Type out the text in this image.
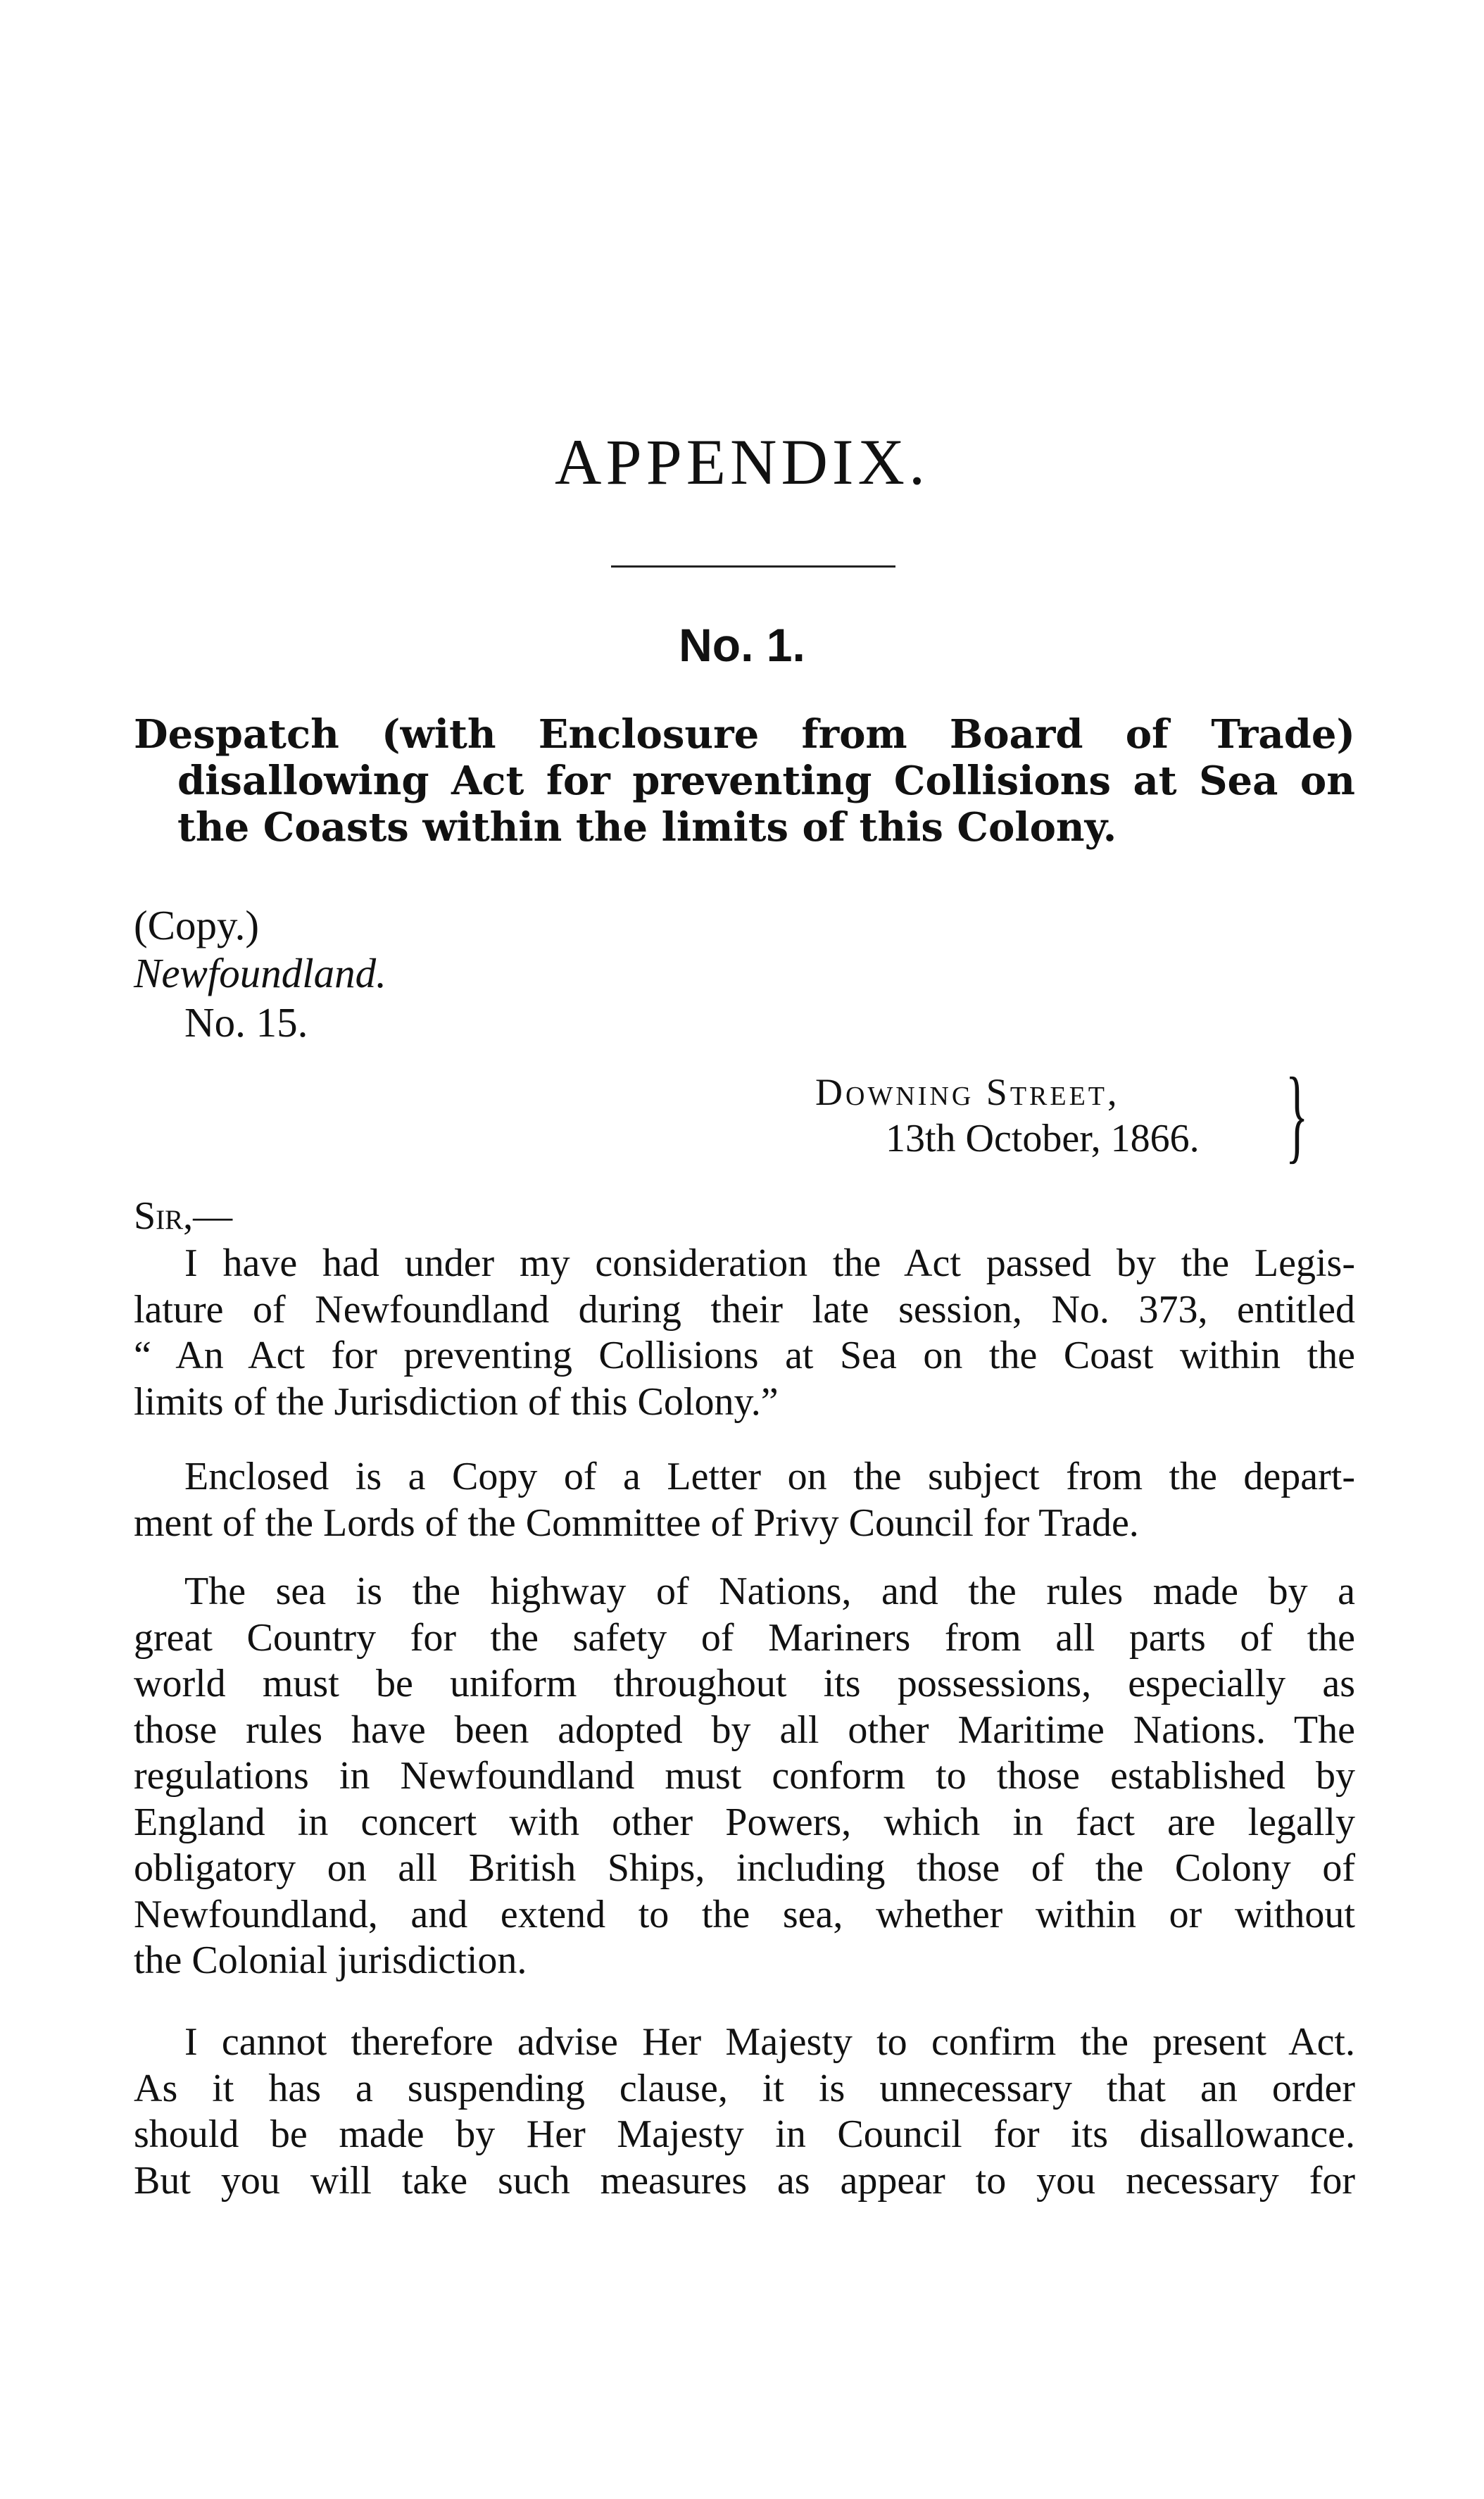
APPENDIX.
No. 1.
Despatch (with Enclosure from Board of Trade)
disallowing Act for preventing Collisions at Sea on
the Coasts within the limits of this Colony.
(Copy.)
Newfoundland.
No. 15.
Downing Street,
13th October, 1866. }
Sir,—
I have had under my consideration the Act passed by the Legis-
lature of Newfoundland during their late session, No. 373, entitled
“ An Act for preventing Collisions at Sea on the Coast within the
limits of the Jurisdiction of this Colony.”
Enclosed is a Copy of a Letter on the subject from the depart-
ment of the Lords of the Committee of Privy Council for Trade.
The sea is the highway of Nations, and the rules made by a
great Country for the safety of Mariners from all parts of the
world must be uniform throughout its possessions, especially as
those rules have been adopted by all other Maritime Nations. The
regulations in Newfoundland must conform to those established by
England in concert with other Powers, which in fact are legally
obligatory on all British Ships, including those of the Colony of
Newfoundland, and extend to the sea, whether within or without
the Colonial jurisdiction.
I cannot therefore advise Her Majesty to confirm the present Act.
As it has a suspending clause, it is unnecessary that an order
should be made by Her Majesty in Council for its disallowance.
But you will take such measures as appear to you necessary for
